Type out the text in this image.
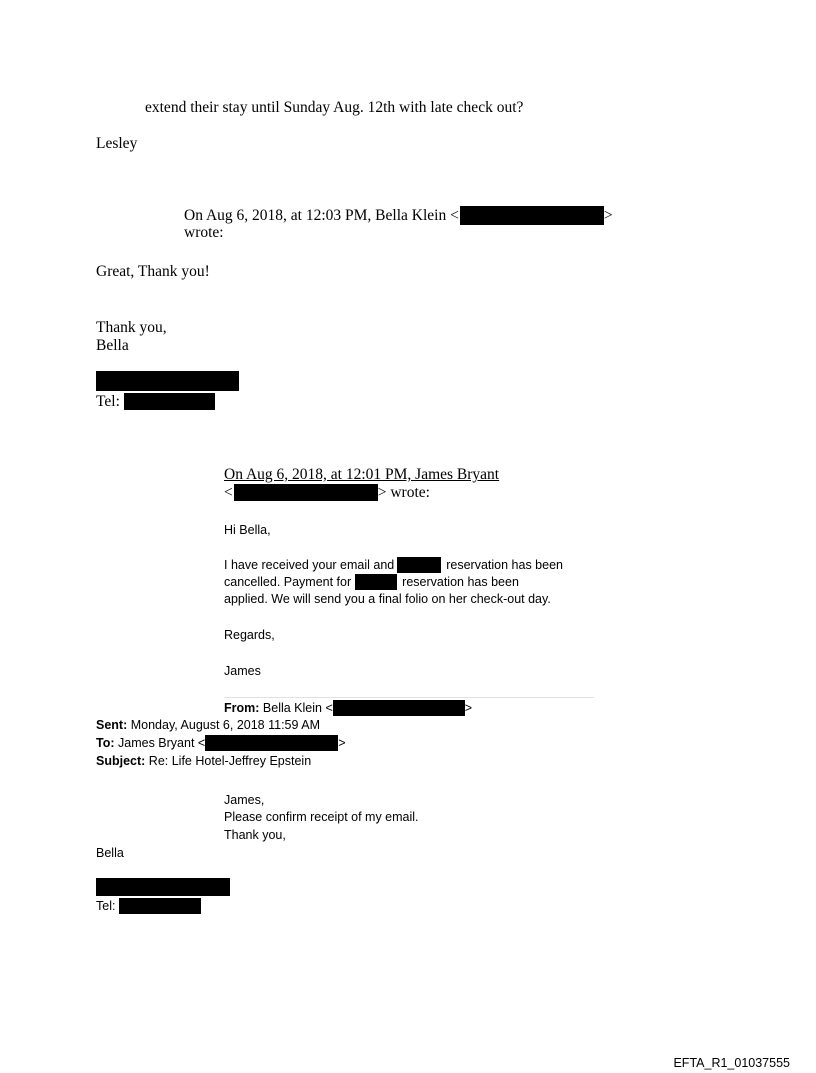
extend their stay until Sunday Aug. 12th with late check out?
Lesley
On Aug 6, 2018, at 12:03 PM, Bella Klein <	>
wrote:
Great, Thank you!
Thank you,
Bella
Tel:
On Aug 6, 2018, at 12:01 PM, James Bryant
<	> wrote:
Hi Bella,
I have received your email and	reservation has been
cancelled. Payment for	reservation has been
applied. We will send you a final folio on her check-out day.
Regards,
James
From: Bella Klein <	>
Sent: Monday, August 6, 2018 11:59 AM
To: James Bryant <	>
Subject: Re: Life Hotel-Jeffrey Epstein
James,
Please confirm receipt of my email.
Thank you,
Bella
Tel:
EFTA_R1_01037555
